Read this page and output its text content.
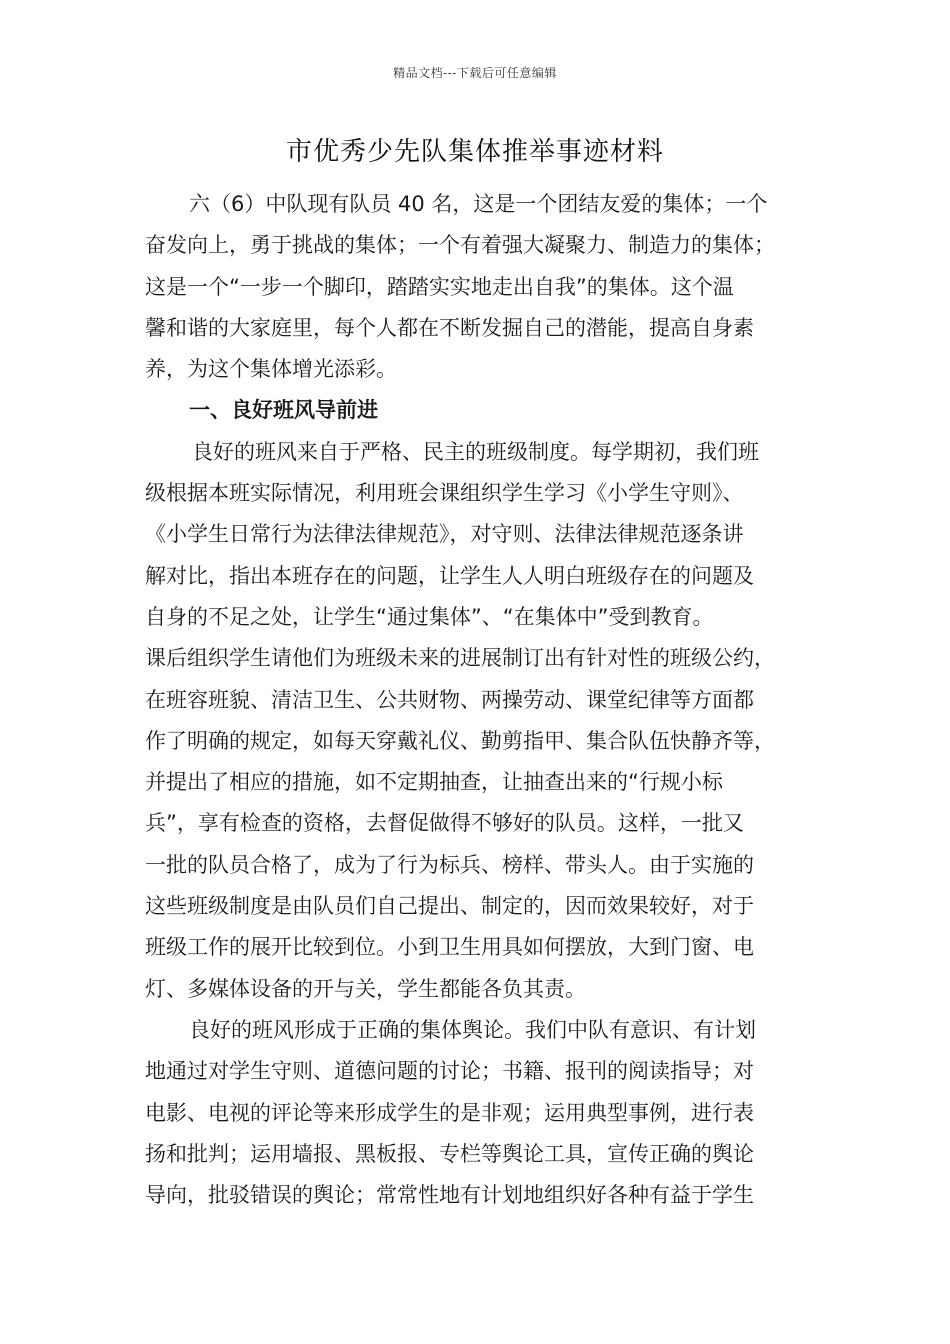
精品文档---下载后可任意编辑
市优秀少先队集体推举事迹材料
六（6）中队现有队员 40 名，这是一个团结友爱的集体；一个
奋发向上，勇于挑战的集体；一个有着强大凝聚力、制造力的集体；
这是一个“一步一个脚印，踏踏实实地走出自我”的集体。这个温
馨和谐的大家庭里，每个人都在不断发掘自己的潜能，提高自身素
养，为这个集体增光添彩。
一、良好班风导前进
良好的班风来自于严格、民主的班级制度。每学期初，我们班
级根据本班实际情况，利用班会课组织学生学习《小学生守则》、
《小学生日常行为法律法律规范》，对守则、法律法律规范逐条讲
解对比，指出本班存在的问题，让学生人人明白班级存在的问题及
自身的不足之处，让学生“通过集体”、“在集体中”受到教育。
课后组织学生请他们为班级未来的进展制订出有针对性的班级公约，
在班容班貌、清洁卫生、公共财物、两操劳动、课堂纪律等方面都
作了明确的规定，如每天穿戴礼仪、勤剪指甲、集合队伍快静齐等，
并提出了相应的措施，如不定期抽查，让抽查出来的“行规小标
兵”，享有检查的资格，去督促做得不够好的队员。这样，一批又
一批的队员合格了，成为了行为标兵、榜样、带头人。由于实施的
这些班级制度是由队员们自己提出、制定的，因而效果较好，对于
班级工作的展开比较到位。小到卫生用具如何摆放，大到门窗、电
灯、多媒体设备的开与关，学生都能各负其责。
良好的班风形成于正确的集体舆论。我们中队有意识、有计划
地通过对学生守则、道德问题的讨论；书籍、报刊的阅读指导；对
电影、电视的评论等来形成学生的是非观；运用典型事例，进行表
扬和批判；运用墙报、黑板报、专栏等舆论工具，宣传正确的舆论
导向，批驳错误的舆论；常常性地有计划地组织好各种有益于学生
